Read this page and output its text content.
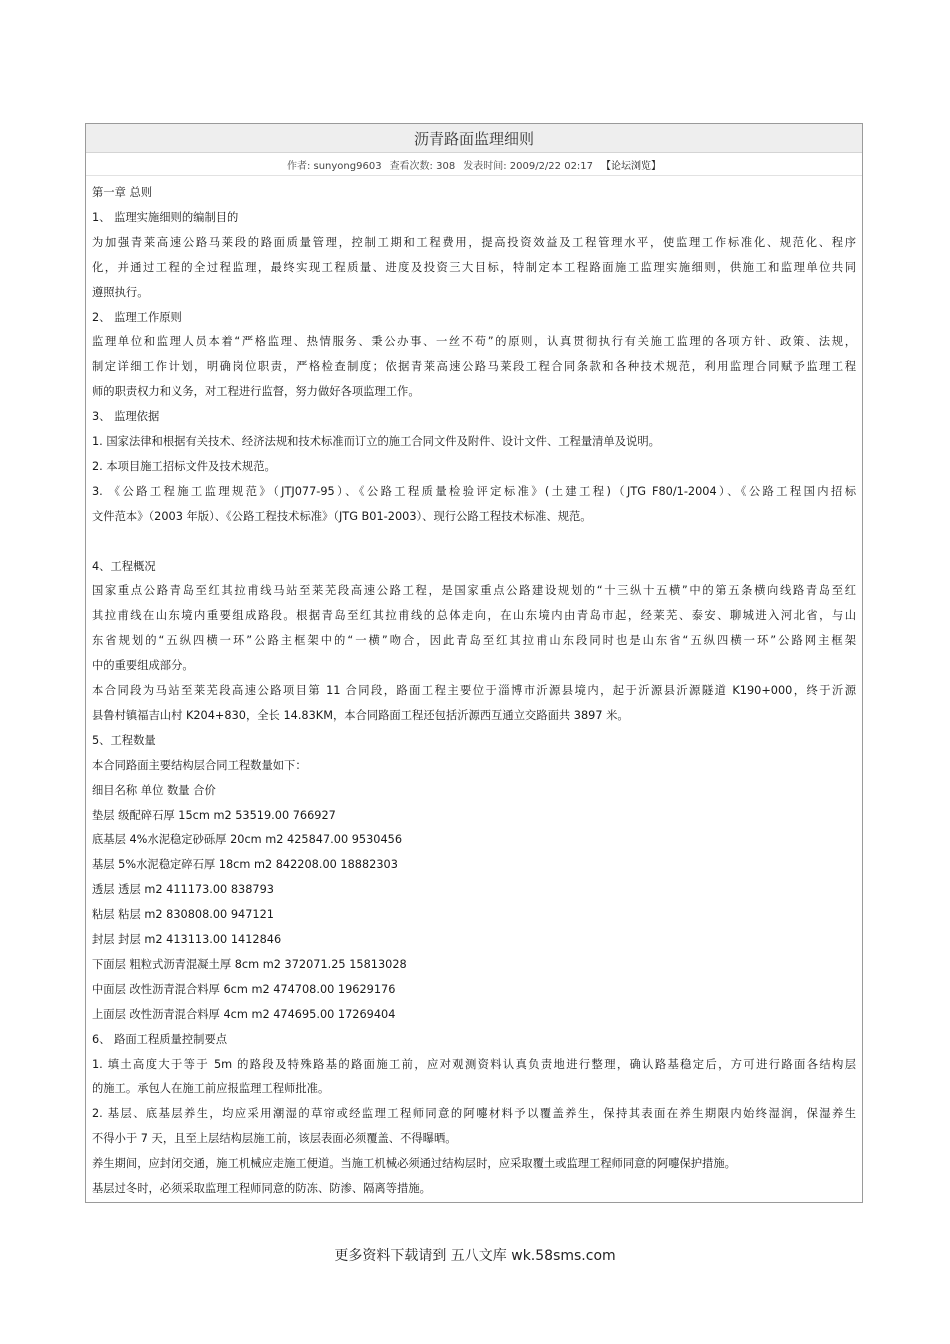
沥青路面监理细则
作者: sunyong9603 查看次数: 308 发表时间: 2009/2/22 02:17 【论坛浏览】
第一章 总则
1、 监理实施细则的编制目的
为加强青莱高速公路马莱段的路面质量管理，控制工期和工程费用，提高投资效益及工程管理水平，使监理工作标准化、规范化、程序
化，并通过工程的全过程监理，最终实现工程质量、进度及投资三大目标，特制定本工程路面施工监理实施细则，供施工和监理单位共同
遵照执行。
2、 监理工作原则
监理单位和监理人员本着“严格监理、热情服务、秉公办事、一丝不苟”的原则，认真贯彻执行有关施工监理的各项方针、政策、法规，
制定详细工作计划，明确岗位职责，严格检查制度；依据青莱高速公路马莱段工程合同条款和各种技术规范，利用监理合同赋予监理工程
师的职责权力和义务，对工程进行监督，努力做好各项监理工作。
3、 监理依据
1. 国家法律和根据有关技术、经济法规和技术标准而订立的施工合同文件及附件、设计文件、工程量清单及说明。
2. 本项目施工招标文件及技术规范。
3. 《公路工程施工监理规范》（JTJ077-95）、《公路工程质量检验评定标准》(土建工程)（JTG F80/1-2004）、《公路工程国内招标
文件范本》（2003 年版）、《公路工程技术标准》（JTG B01-2003）、现行公路工程技术标准、规范。
4、工程概况
国家重点公路青岛至红其拉甫线马站至莱芜段高速公路工程，是国家重点公路建设规划的“十三纵十五横”中的第五条横向线路青岛至红
其拉甫线在山东境内重要组成路段。根据青岛至红其拉甫线的总体走向，在山东境内由青岛市起，经莱芜、泰安、聊城进入河北省，与山
东省规划的“五纵四横一环”公路主框架中的“一横”吻合，因此青岛至红其拉甫山东段同时也是山东省“五纵四横一环”公路网主框架
中的重要组成部分。
本合同段为马站至莱芜段高速公路项目第 11 合同段，路面工程主要位于淄博市沂源县境内，起于沂源县沂源隧道 K190+000，终于沂源
县鲁村镇福吉山村 K204+830，全长 14.83KM，本合同路面工程还包括沂源西互通立交路面共 3897 米。
5、工程数量
本合同路面主要结构层合同工程数量如下：
细目名称 单位 数量 合价
垫层 级配碎石厚 15cm m2 53519.00 766927
底基层 4%水泥稳定砂砾厚 20cm m2 425847.00 9530456
基层 5%水泥稳定碎石厚 18cm m2 842208.00 18882303
透层 透层 m2 411173.00 838793
粘层 粘层 m2 830808.00 947121
封层 封层 m2 413113.00 1412846
下面层 粗粒式沥青混凝土厚 8cm m2 372071.25 15813028
中面层 改性沥青混合料厚 6cm m2 474708.00 19629176
上面层 改性沥青混合料厚 4cm m2 474695.00 17269404
6、 路面工程质量控制要点
1. 填土高度大于等于 5m 的路段及特殊路基的路面施工前，应对观测资料认真负责地进行整理，确认路基稳定后，方可进行路面各结构层
的施工。承包人在施工前应报监理工程师批准。
2. 基层、底基层养生，均应采用潮湿的草帘或经监理工程师同意的阿嚏材料予以覆盖养生，保持其表面在养生期限内始终湿润，保湿养生
不得小于 7 天，且至上层结构层施工前，该层表面必须覆盖、不得曝晒。
养生期间，应封闭交通，施工机械应走施工便道。当施工机械必须通过结构层时，应采取覆土或监理工程师同意的阿嚏保护措施。
基层过冬时，必须采取监理工程师同意的防冻、防渗、隔离等措施。
更多资料下载请到 五八文库 wk.58sms.com
